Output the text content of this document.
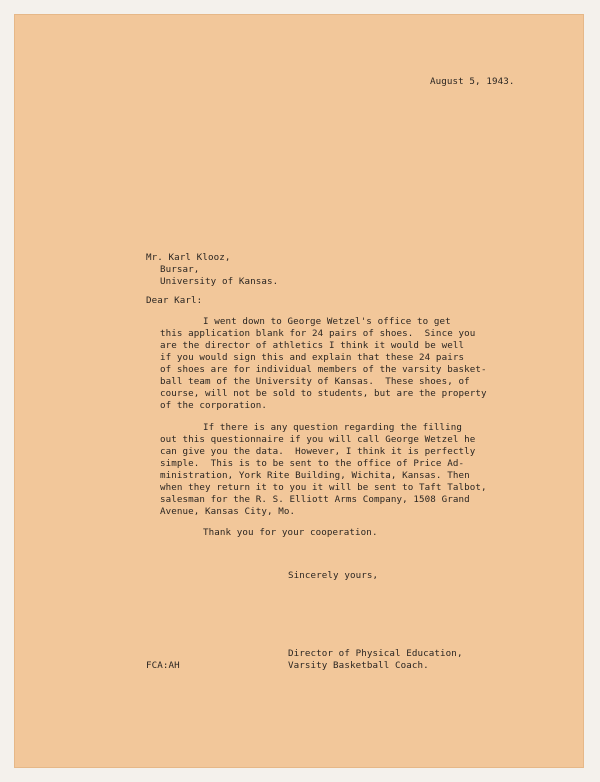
August 5, 1943.
Mr. Karl Klooz,
Bursar,
University of Kansas.
Dear Karl:
I went down to George Wetzel's office to get
this application blank for 24 pairs of shoes.  Since you
are the director of athletics I think it would be well
if you would sign this and explain that these 24 pairs
of shoes are for individual members of the varsity basket-
ball team of the University of Kansas.  These shoes, of
course, will not be sold to students, but are the property
of the corporation.
If there is any question regarding the filling
out this questionnaire if you will call George Wetzel he
can give you the data.  However, I think it is perfectly
simple.  This is to be sent to the office of Price Ad-
ministration, York Rite Building, Wichita, Kansas. Then
when they return it to you it will be sent to Taft Talbot,
salesman for the R. S. Elliott Arms Company, 1508 Grand
Avenue, Kansas City, Mo.
Thank you for your cooperation.
Sincerely yours,
Director of Physical Education,
Varsity Basketball Coach.
FCA:AH
